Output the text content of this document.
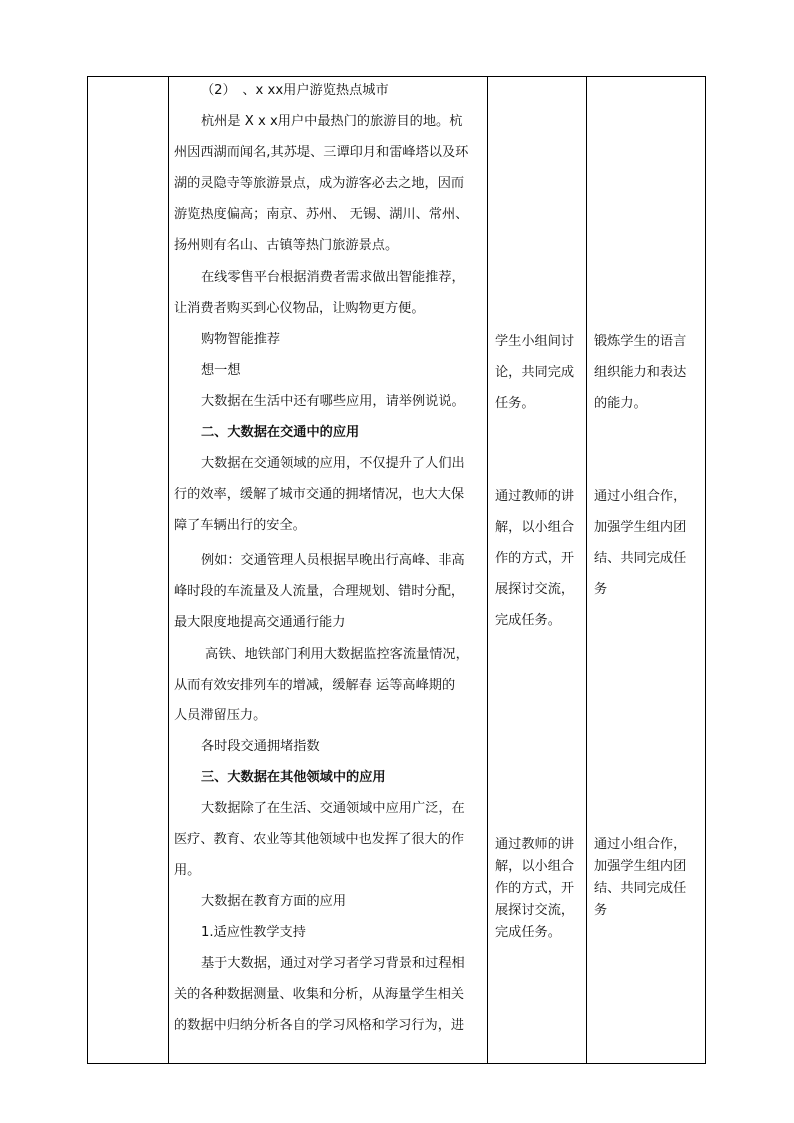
（2）　、x xx用户游览热点城市
杭州是 X x x用户中最热门的旅游目的地。杭
州因西湖而闻名,其苏堤、三谭印月和雷峰塔以及环
湖的灵隐寺等旅游景点，成为游客必去之地，因而
游览热度偏高；南京、苏州、 无锡、湖川、常州、
扬州则有名山、古镇等热门旅游景点。
在线零售平台根据消费者需求做出智能推荐，
让消费者购买到心仪物品，让购物更方便。
购物智能推荐
想一想
大数据在生活中还有哪些应用，请举例说说。
二、大数据在交通中的应用
大数据在交通领域的应用，不仅提升了人们出
行的效率，缓解了城市交通的拥堵情况，也大大保
障了车辆出行的安全。
例如：交通管理人员根据早晚出行高峰、非高
峰时段的车流量及人流量，合理规划、错时分配，
最大限度地提高交通通行能力
高铁、地铁部门利用大数据监控客流量情况，
从而有效安排列车的增减，缓解春 运等高峰期的
人员滞留压力。
各时段交通拥堵指数
三、大数据在其他领域中的应用
大数据除了在生活、交通领域中应用广泛，在
医疗、教育、农业等其他领域中也发挥了很大的作
用。
大数据在教育方面的应用
1.适应性教学支持
基于大数据，通过对学习者学习背景和过程相
关的各种数据测量、收集和分析，从海量学生相关
的数据中归纳分析各自的学习风格和学习行为，进
学生小组间讨
论，共同完成
任务。
通过教师的讲
解，以小组合
作的方式，开
展探讨交流，
完成任务。
通过教师的讲
解，以小组合
作的方式，开
展探讨交流，
完成任务。
锻炼学生的语言
组织能力和表达
的能力。
通过小组合作，
加强学生组内团
结、共同完成任
务
通过小组合作，
加强学生组内团
结、共同完成任
务
